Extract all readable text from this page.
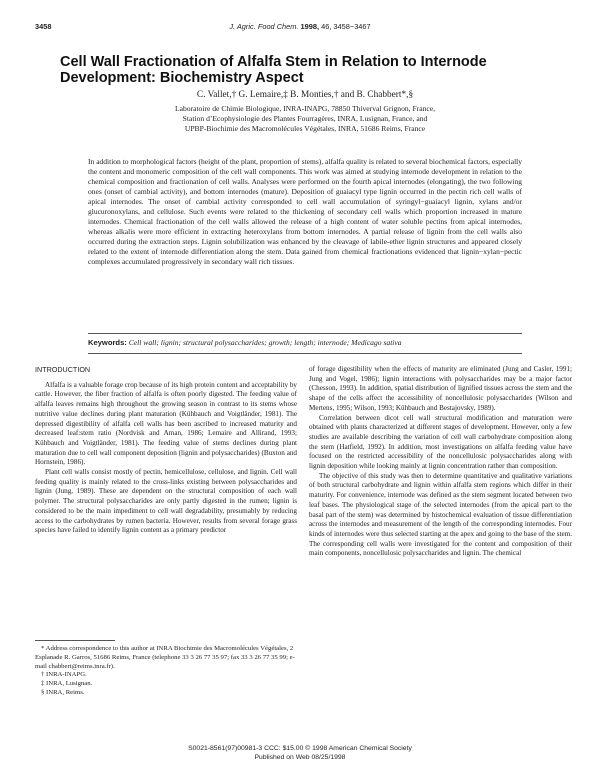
3458	J. Agric. Food Chem. 1998, 46, 3458−3467
Cell Wall Fractionation of Alfalfa Stem in Relation to Internode Development: Biochemistry Aspect
C. Vallet,† G. Lemaire,‡ B. Monties,† and B. Chabbert*,§
Laboratoire de Chimie Biologique, INRA-INAPG, 78850 Thiverval Grignon, France,
Station d’Ecophysiologie des Plantes Fourragères, INRA, Lusignan, France, and
UPBP-Biochimie des Macromolécules Végétales, INRA, 51686 Reims, France

In addition to morphological factors (height of the plant, proportion of stems), alfalfa quality is related to several biochemical factors, especially the content and monomeric composition of the cell wall components. This work was aimed at studying internode development in relation to the chemical composition and fractionation of cell walls. Analyses were performed on the fourth apical internodes (elongating), the two following ones (onset of cambial activity), and bottom internodes (mature). Deposition of guaiacyl type lignin occurred in the pectin rich cell walls of apical internodes. The onset of cambial activity corresponded to cell wall accumulation of syringyl−guaiacyl lignin, xylans and/or glucuronoxylans, and cellulose. Such events were related to the thickening of secondary cell walls which proportion increased in mature internodes. Chemical fractionation of the cell walls allowed the release of a high content of water soluble pectins from apical internodes, whereas alkalis were more efficient in extracting heteroxylans from bottom internodes. A partial release of lignin from the cell walls also occurred during the extraction steps. Lignin solubilization was enhanced by the cleavage of labile-ether lignin structures and appeared closely related to the extent of internode differentiation along the stem. Data gained from chemical fractionations evidenced that lignin−xylan−pectic complexes accumulated progressively in secondary wall rich tissues.

Keywords: Cell wall; lignin; structural polysaccharides; growth; length; internode; Medicago sativa

INTRODUCTION

Alfalfa is a valuable forage crop because of its high protein content and acceptability by cattle. However, the fiber fraction of alfalfa is often poorly digested. The feeding value of alfalfa leaves remains high throughout the growing season in contrast to its stems whose nutritive value declines during plant maturation (Kühbauch and Voigtländer, 1981). The depressed digestibility of alfalfa cell walls has been ascribed to increased maturity and decreased leaf:stem ratio (Nordvisk and Aman, 1986; Lemaire and Allirand, 1993; Kühbauch and Voigtländer, 1981). The feeding value of stems declines during plant maturation due to cell wall component deposition (lignin and polysaccharides) (Buxton and Hornstein, 1986).

Plant cell walls consist mostly of pectin, hemicellulose, cellulose, and lignin. Cell wall feeding quality is mainly related to the cross-links existing between polysaccharides and lignin (Jung, 1989). These are dependent on the structural composition of each wall polymer. The structural polysaccharides are only partly digested in the rumen; lignin is considered to be the main impediment to cell wall degradability, presumably by reducing access to the carbohydrates by rumen bacteria. However, results from several forage grass species have failed to identify lignin content as a primary predictor

of forage digestibility when the effects of maturity are eliminated (Jung and Casler, 1991; Jung and Vogel, 1986); lignin interactions with polysaccharides may be a major factor (Chesson, 1993). In addition, spatial distribution of lignified tissues across the stem and the shape of the cells affect the accessibility of noncellulosic polysaccharides (Wilson and Mertens, 1995; Wilson, 1993; Kühbauch and Bestajovsky, 1989).

Correlation between dicot cell wall structural modification and maturation were obtained with plants characterized at different stages of development. However, only a few studies are available describing the variation of cell wall carbohydrate composition along the stem (Hatfield, 1992). In addition, most investigations on alfalfa feeding value have focused on the restricted accessibility of the noncellulosic polysaccharides along with lignin deposition while looking mainly at lignin concentration rather than composition.

The objective of this study was then to determine quantitative and qualitative variations of both structural carbohydrate and lignin within alfalfa stem regions which differ in their maturity. For convenience, internode was defined as the stem segment located between two leaf bases. The physiological stage of the selected internodes (from the apical part to the basal part of the stem) was determined by histochemical evaluation of tissue differentiation across the internodes and measurement of the length of the corresponding internodes. Four kinds of internodes were thus selected starting at the apex and going to the base of the stem. The corresponding cell walls were investigated for the content and composition of their main components, noncellulosic polysaccharides and lignin. The chemical

* Address correspondence to this author at INRA Biochimie des Macromolécules Végétales, 2 Esplanade R. Garros, 51686 Reims, France (telephone 33 3 26 77 35 97; fax 33 3 26 77 35 99; e-mail chabbert@reims.inra.fr).

† INRA-INAPG.

‡ INRA, Lusignan.

§ INRA, Reims.

S0021-8561(97)00981-3 CCC: $15.00 © 1998 American Chemical Society
Published on Web 08/25/1998
